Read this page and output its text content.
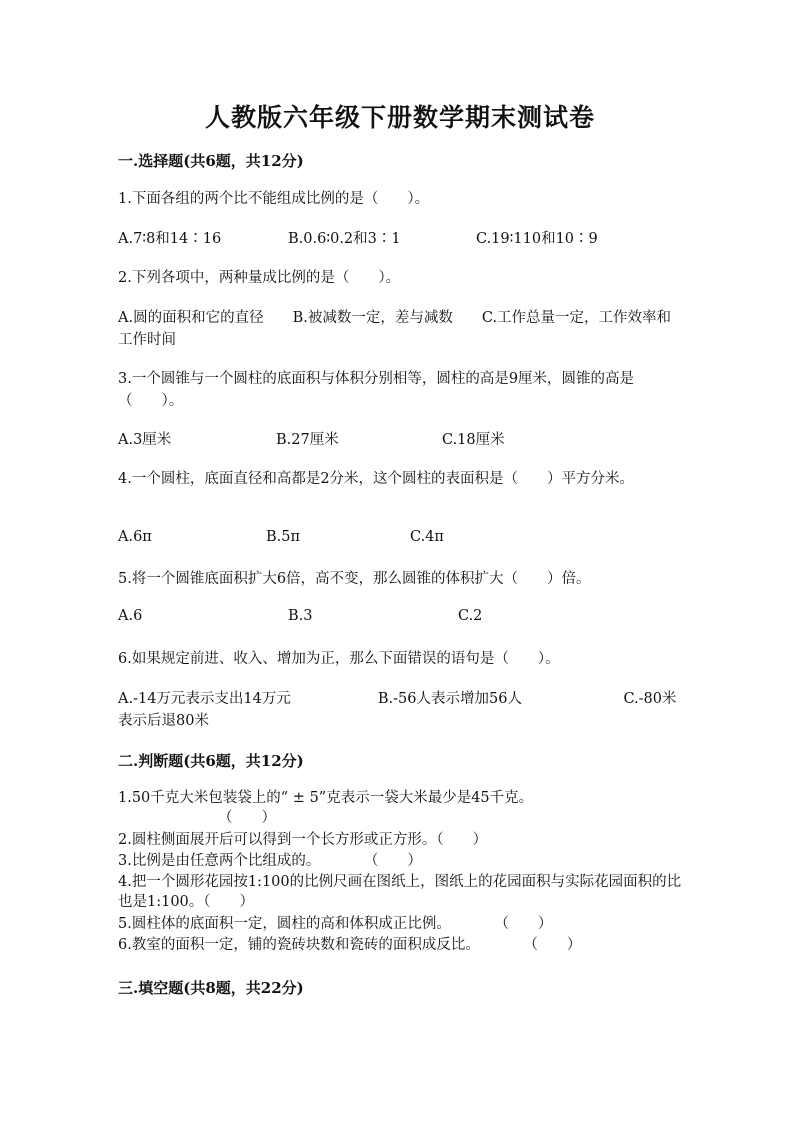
人教版六年级下册数学期末测试卷
一.选择题(共6题，共12分)
1.下面各组的两个比不能组成比例的是（　　）。
A.7∶8和14∶16	B.0.6∶0.2和3∶1	C.19∶110和10∶9
2.下列各项中，两种量成比例的是（　　）。
A.圆的面积和它的直径　　B.被减数一定，差与减数　　C.工作总量一定，工作效率和工作时间
3.一个圆锥与一个圆柱的底面积与体积分别相等，圆柱的高是9厘米，圆锥的高是（　　）。
A.3厘米	B.27厘米	C.18厘米
4.一个圆柱，底面直径和高都是2分米，这个圆柱的表面积是（　　）平方分米。
A.6π	B.5π	C.4π
5.将一个圆锥底面积扩大6倍，高不变，那么圆锥的体积扩大（　　）倍。
A.6	B.3	C.2
6.如果规定前进、收入、增加为正，那么下面错误的语句是（　　）。
A.-14万元表示支出14万元　　　　　　B.-56人表示增加56人　　　　　　　C.-80米表示后退80米
二.判断题(共6题，共12分)
1.50千克大米包装袋上的“ ± 5”克表示一袋大米最少是45千克。
（　　）
2.圆柱侧面展开后可以得到一个长方形或正方形。（　　）
3.比例是由任意两个比组成的。　　　　（　　）
4.把一个圆形花园按1:100的比例尺画在图纸上，图纸上的花园面积与实际花园面积的比也是1:100。（　　）
5.圆柱体的底面积一定，圆柱的高和体积成正比例。　　　　（　　）
6.教室的面积一定，铺的瓷砖块数和瓷砖的面积成反比。　　　　（　　）
三.填空题(共8题，共22分)
